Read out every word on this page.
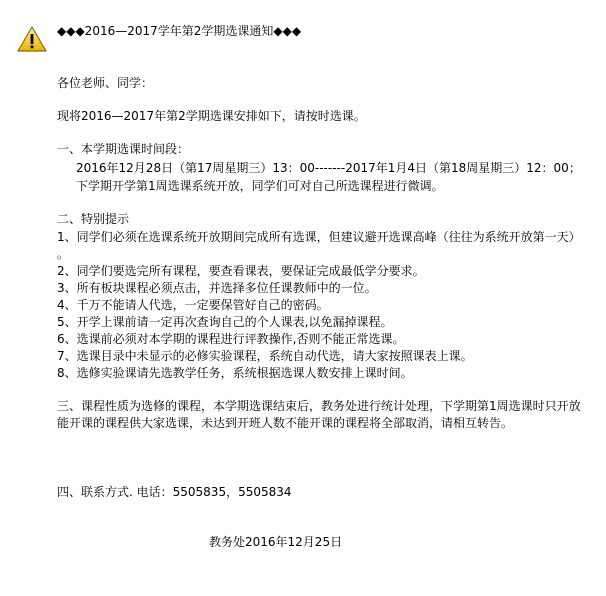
◆◆◆2016—2017学年第2学期选课通知◆◆◆
各位老师、同学：
现将2016—2017年第2学期选课安排如下，请按时选课。
一、本学期选课时间段：
2016年12月28日（第17周星期三）13：00-------2017年1月4日（第18周星期三）12：00；
下学期开学第1周选课系统开放，同学们可对自己所选课程进行微调。
二、特别提示
1、同学们必须在选课系统开放期间完成所有选课，但建议避开选课高峰（往往为系统开放第一天）
。
2、同学们要选完所有课程，要查看课表，要保证完成最低学分要求。
3、所有板块课程必须点击，并选择多位任课教师中的一位。
4、千万不能请人代选，一定要保管好自己的密码。
5、开学上课前请一定再次查询自己的个人课表,以免漏掉课程。
6、选课前必须对本学期的课程进行评教操作,否则不能正常选课。
7、选课目录中未显示的必修实验课程，系统自动代选，请大家按照课表上课。
8、选修实验课请先选教学任务，系统根据选课人数安排上课时间。
三、课程性质为选修的课程，本学期选课结束后，教务处进行统计处理，下学期第1周选课时只开放
能开课的课程供大家选课，未达到开班人数不能开课的课程将全部取消，请相互转告。
四、联系方式. 电话：5505835，5505834
教务处2016年12月25日
